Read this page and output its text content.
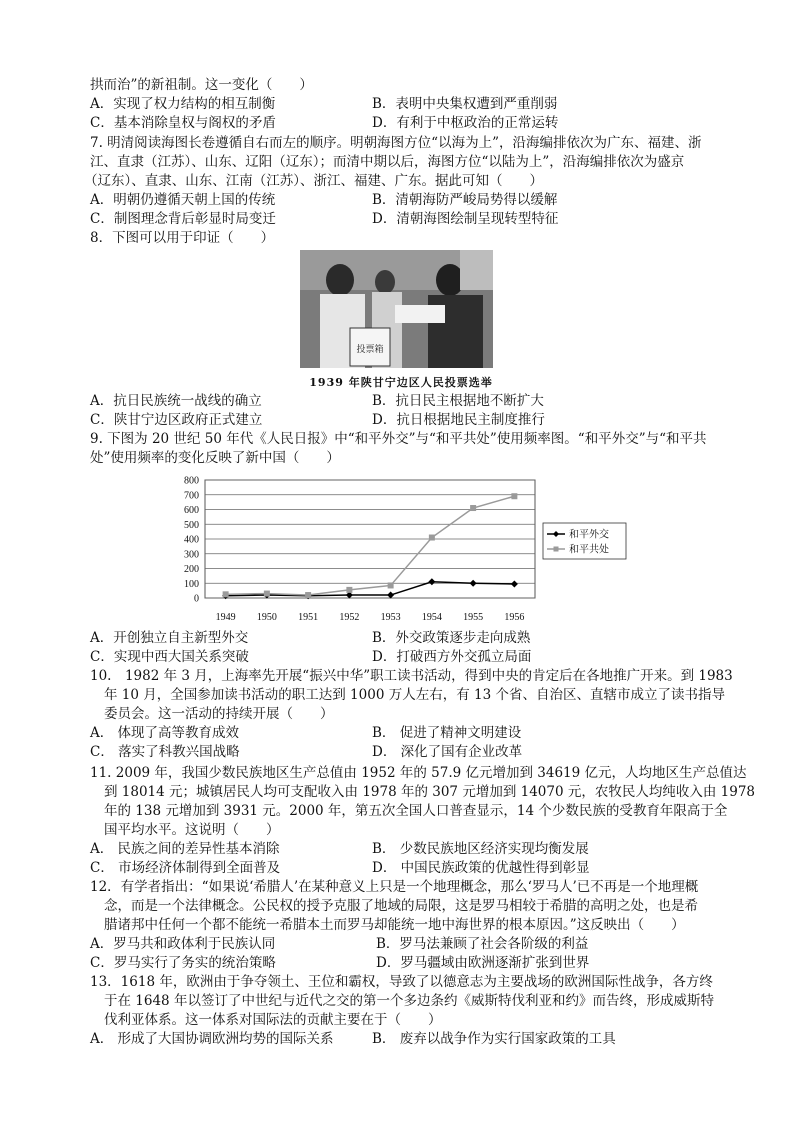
拱而治”的新祖制。这一变化（　　）
A．实现了权力结构的相互制衡	B．表明中央集权遭到严重削弱
C．基本消除皇权与阁权的矛盾	D．有利于中枢政治的正常运转
7. 明清阅读海图长卷遵循自右而左的顺序。明朝海图方位“以海为上”，沿海编排依次为广东、福建、浙
江、直隶（江苏）、山东、辽阳（辽东）；而清中期以后，海图方位“以陆为上”，沿海编排依次为盛京
（辽东）、直隶、山东、江南（江苏）、浙江、福建、广东。据此可知（　　）
A．明朝仍遵循天朝上国的传统	B．清朝海防严峻局势得以缓解
C．制图理念背后彰显时局变迁	D．清朝海图绘制呈现转型特征
8．下图可以用于印证（　　）
投票箱
1939 年陕甘宁边区人民投票选举
A．抗日民族统一战线的确立	B．抗日民主根据地不断扩大
C．陕甘宁边区政府正式建立	D．抗日根据地民主制度推行
9. 下图为 20 世纪 50 年代《人民日报》中“和平外交”与“和平共处”使用频率图。“和平外交”与“和平共
处”使用频率的变化反映了新中国（　　）
0
100
200
300
400
500
600
700
800
1949 1950 1951 1952 1953 1954 1955 1956
和平外交
和平共处
A．开创独立自主新型外交	B．外交政策逐步走向成熟
C．实现中西大国关系突破	D．打破西方外交孤立局面
10.　1982 年 3 月，上海率先开展“振兴中华”职工读书活动，得到中央的肯定后在各地推广开来。到 1983
年 10 月，全国参加读书活动的职工达到 1000 万人左右，有 13 个省、自治区、直辖市成立了读书指导
委员会。这一活动的持续开展（　　）
A． 体现了高等教育成效	B． 促进了精神文明建设
C． 落实了科教兴国战略	D． 深化了国有企业改革
11. 2009 年，我国少数民族地区生产总值由 1952 年的 57.9 亿元增加到 34619 亿元，人均地区生产总值达
到 18014 元；城镇居民人均可支配收入由 1978 年的 307 元增加到 14070 元，农牧民人均纯收入由 1978
年的 138 元增加到 3931 元。2000 年，第五次全国人口普查显示，14 个少数民族的受教育年限高于全
国平均水平。这说明（　　）
A． 民族之间的差异性基本消除	B． 少数民族地区经济实现均衡发展
C． 市场经济体制得到全面普及	D． 中国民族政策的优越性得到彰显
12．有学者指出：“如果说‘希腊人’在某种意义上只是一个地理概念，那么‘罗马人’已不再是一个地理概
念，而是一个法律概念。公民权的授予克服了地域的局限，这是罗马相较于希腊的高明之处，也是希
腊诸邦中任何一个都不能统一希腊本土而罗马却能统一地中海世界的根本原因。”这反映出（　　）
A．罗马共和政体利于民族认同	B．罗马法兼顾了社会各阶级的利益
C．罗马实行了务实的统治策略	D．罗马疆域由欧洲逐渐扩张到世界
13．1618 年，欧洲由于争夺领土、王位和霸权，导致了以德意志为主要战场的欧洲国际性战争，各方终
于在 1648 年以签订了中世纪与近代之交的第一个多边条约《威斯特伐利亚和约》而告终，形成威斯特
伐利亚体系。这一体系对国际法的贡献主要在于（　　）
A． 形成了大国协调欧洲均势的国际关系	B． 废弃以战争作为实行国家政策的工具
